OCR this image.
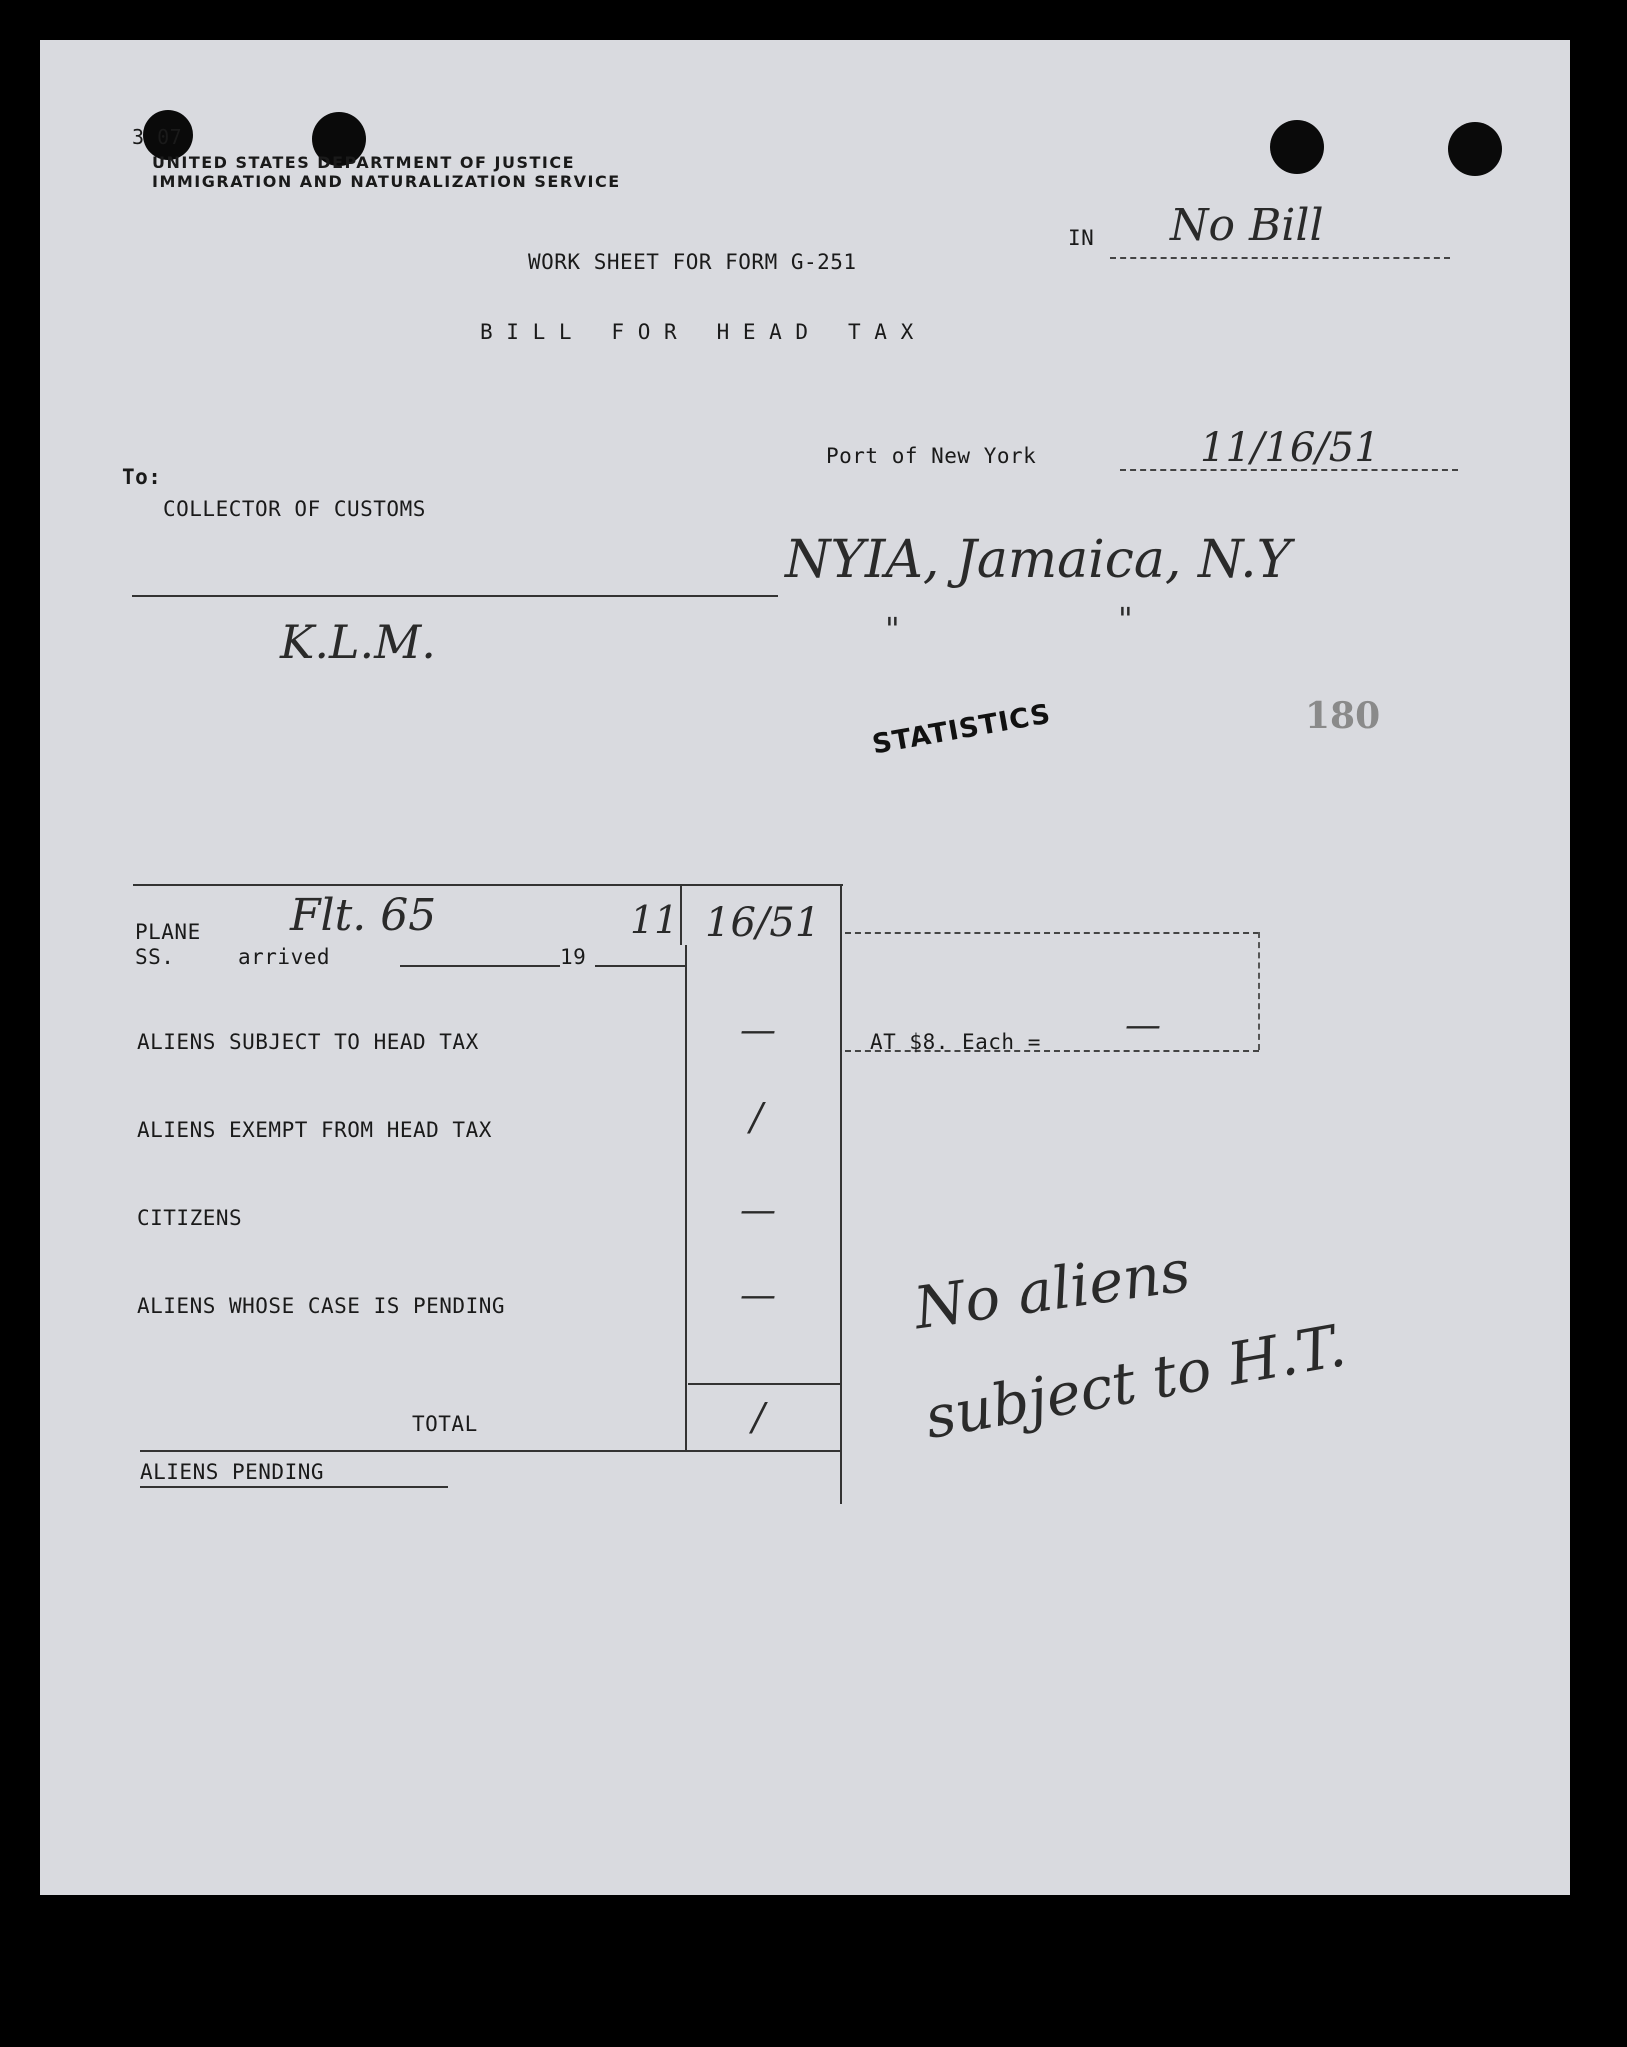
3 07
UNITED STATES DEPARTMENT OF JUSTICE
IMMIGRATION AND NATURALIZATION SERVICE
IN No Bill
WORK SHEET FOR FORM G-251
B I L L   F O R   H E A D   T A X
Port of New York	11/16/51
To:
COLLECTOR OF CUSTOMS
NYIA, Jamaica, N.Y
"	"
K.L.M.
STATISTICS	180
PLANE
SS.	arrived
Flt. 65	11 16/51
19
ALIENS SUBJECT TO HEAD TAX	—	AT $8. Each = —
ALIENS EXEMPT FROM HEAD TAX	/
CITIZENS	—
ALIENS WHOSE CASE IS PENDING	—
TOTAL	/
ALIENS PENDING
No aliens
subject to H.T.
